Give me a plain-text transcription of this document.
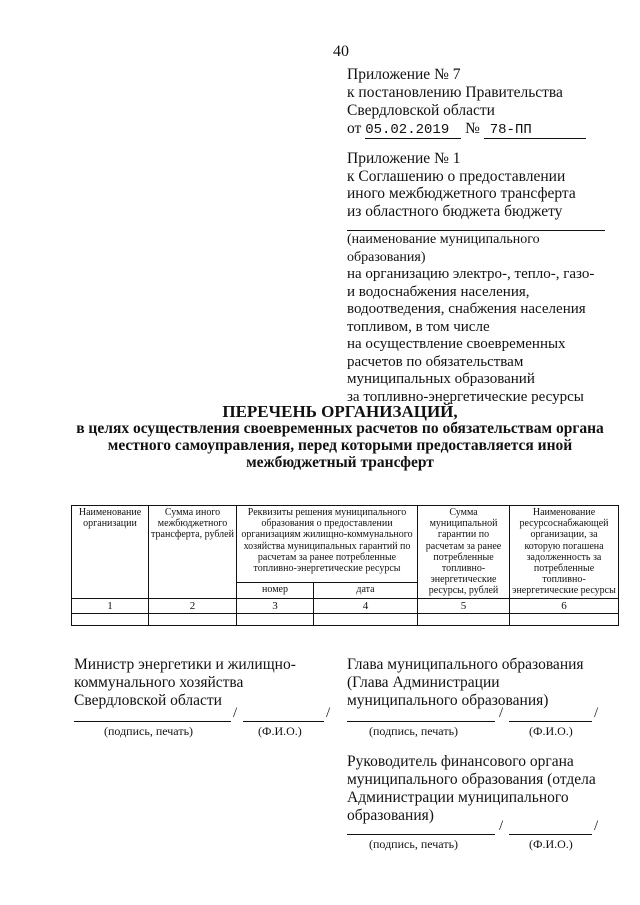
40
Приложение № 7
к постановлению Правительства
Свердловской области
от 05.02.2019 № 78-ПП
Приложение № 1
к Соглашению о предоставлении
иного межбюджетного трансферта
из областного бюджета бюджету
(наименование муниципального образования)
на организацию электро-, тепло-, газо-
и водоснабжения населения,
водоотведения, снабжения населения
топливом, в том числе
на осуществление своевременных
расчетов по обязательствам
муниципальных образований
за топливно-энергетические ресурсы
ПЕРЕЧЕНЬ ОРГАНИЗАЦИЙ,
в целях осуществления своевременных расчетов по обязательствам органа
местного самоуправления, перед которыми предоставляется иной
межбюджетный трансферт
Наименование организации	Сумма иного межбюджетного трансферта, рублей	Реквизиты решения муниципального образования о предоставлении организациям жилищно-коммунального хозяйства муниципальных гарантий по расчетам за ранее потребленные топливно-энергетические ресурсы		Сумма муниципальной гарантии по расчетам за ранее потребленные топливно-энергетические ресурсы, рублей	Наименование ресурсоснабжающей организации, за которую погашена задолженность за потребленные топливно-энергетические ресурсы
		номер	дата		
1	2	3	4	5	6

Министр энергетики и жилищно-
коммунального хозяйства
Свердловской области
/	/
(подпись, печать)	(Ф.И.О.)
Глава муниципального образования
(Глава Администрации
муниципального образования)
/	/
(подпись, печать)	(Ф.И.О.)
Руководитель финансового органа
муниципального образования (отдела
Администрации муниципального
образования)
/	/
(подпись, печать)	(Ф.И.О.)
